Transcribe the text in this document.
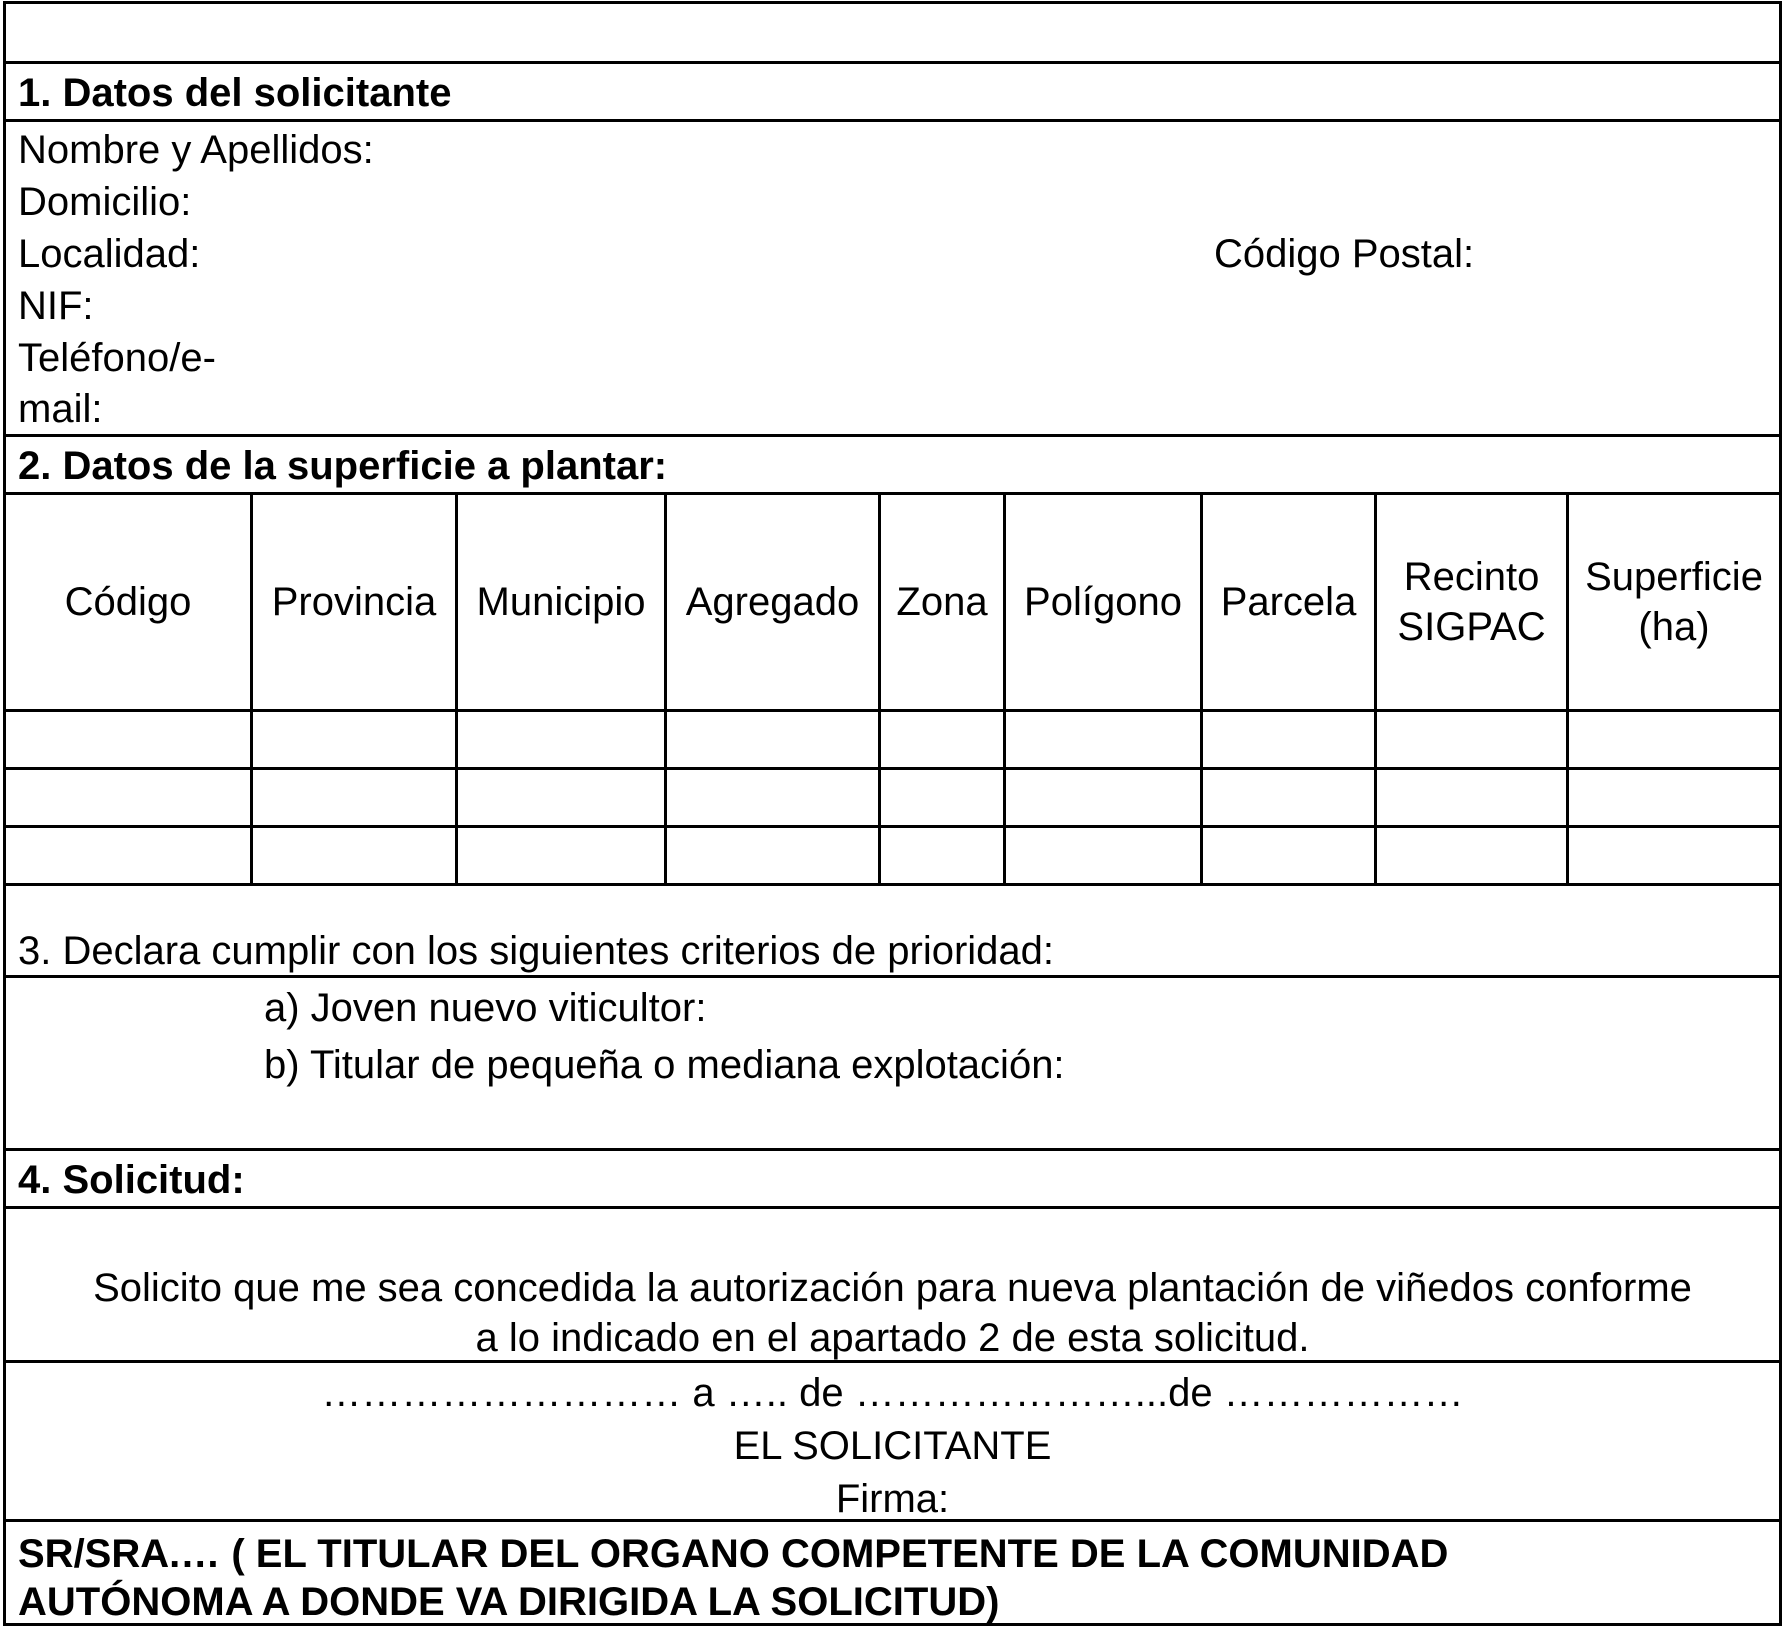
1. Datos del solicitante
Nombre y Apellidos:
Domicilio:
Localidad:	Código Postal:
NIF:
Teléfono/e-
mail:
2. Datos de la superficie a plantar:
Código Provincia Municipio Agregado Zona Polígono Parcela
Recinto
SIGPAC
Superficie
(ha)
3. Declara cumplir con los siguientes criterios de prioridad:
a) Joven nuevo viticultor:
b) Titular de pequeña o mediana explotación:
4. Solicitud:
Solicito que me sea concedida la autorización para nueva plantación de viñedos conforme
a lo indicado en el apartado 2 de esta solicitud.
……………………… a ….. de …………………...de ………………
EL SOLICITANTE
Firma:
SR/SRA.… ( EL TITULAR DEL ORGANO COMPETENTE DE LA COMUNIDAD
AUTÓNOMA A DONDE VA DIRIGIDA LA SOLICITUD)
